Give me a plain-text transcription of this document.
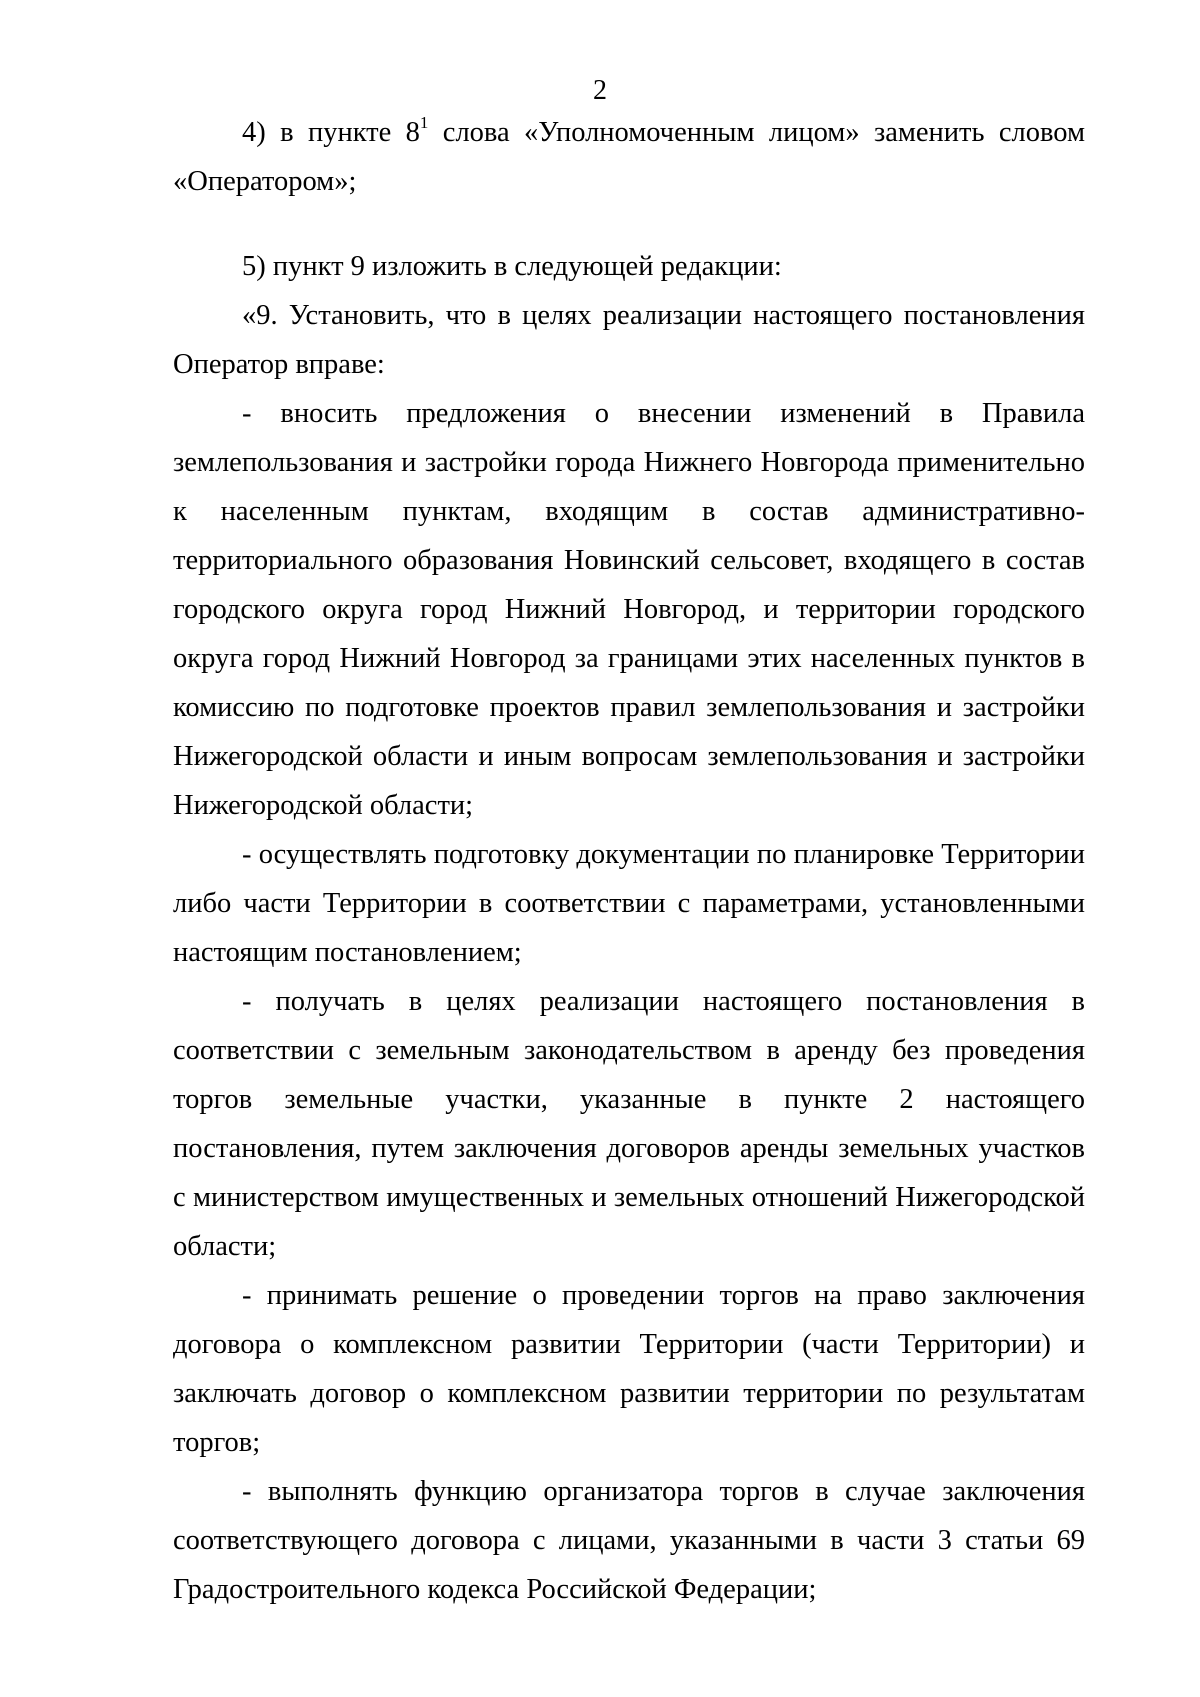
2

4) в пункте $8^1$ слова «Уполномоченным лицом» заменить словом «Оператором»;

5) пункт 9 изложить в следующей редакции:

«9. Установить, что в целях реализации настоящего постановления Оператор вправе:

- вносить предложения о внесении изменений в Правила землепользования и застройки города Нижнего Новгорода применительно к населенным пунктам, входящим в состав административно-территориального образования Новинский сельсовет, входящего в состав городского округа город Нижний Новгород, и территории городского округа город Нижний Новгород за границами этих населенных пунктов в комиссию по подготовке проектов правил землепользования и застройки Нижегородской области и иным вопросам землепользования и застройки Нижегородской области;

- осуществлять подготовку документации по планировке Территории либо части Территории в соответствии с параметрами, установленными настоящим постановлением;

- получать в целях реализации настоящего постановления в соответствии с земельным законодательством в аренду без проведения торгов земельные участки, указанные в пункте 2 настоящего постановления, путем заключения договоров аренды земельных участков с министерством имущественных и земельных отношений Нижегородской области;

- принимать решение о проведении торгов на право заключения договора о комплексном развитии Территории (части Территории) и заключать договор о комплексном развитии территории по результатам торгов;

- выполнять функцию организатора торгов в случае заключения соответствующего договора с лицами, указанными в части 3 статьи 69 Градостроительного кодекса Российской Федерации;
